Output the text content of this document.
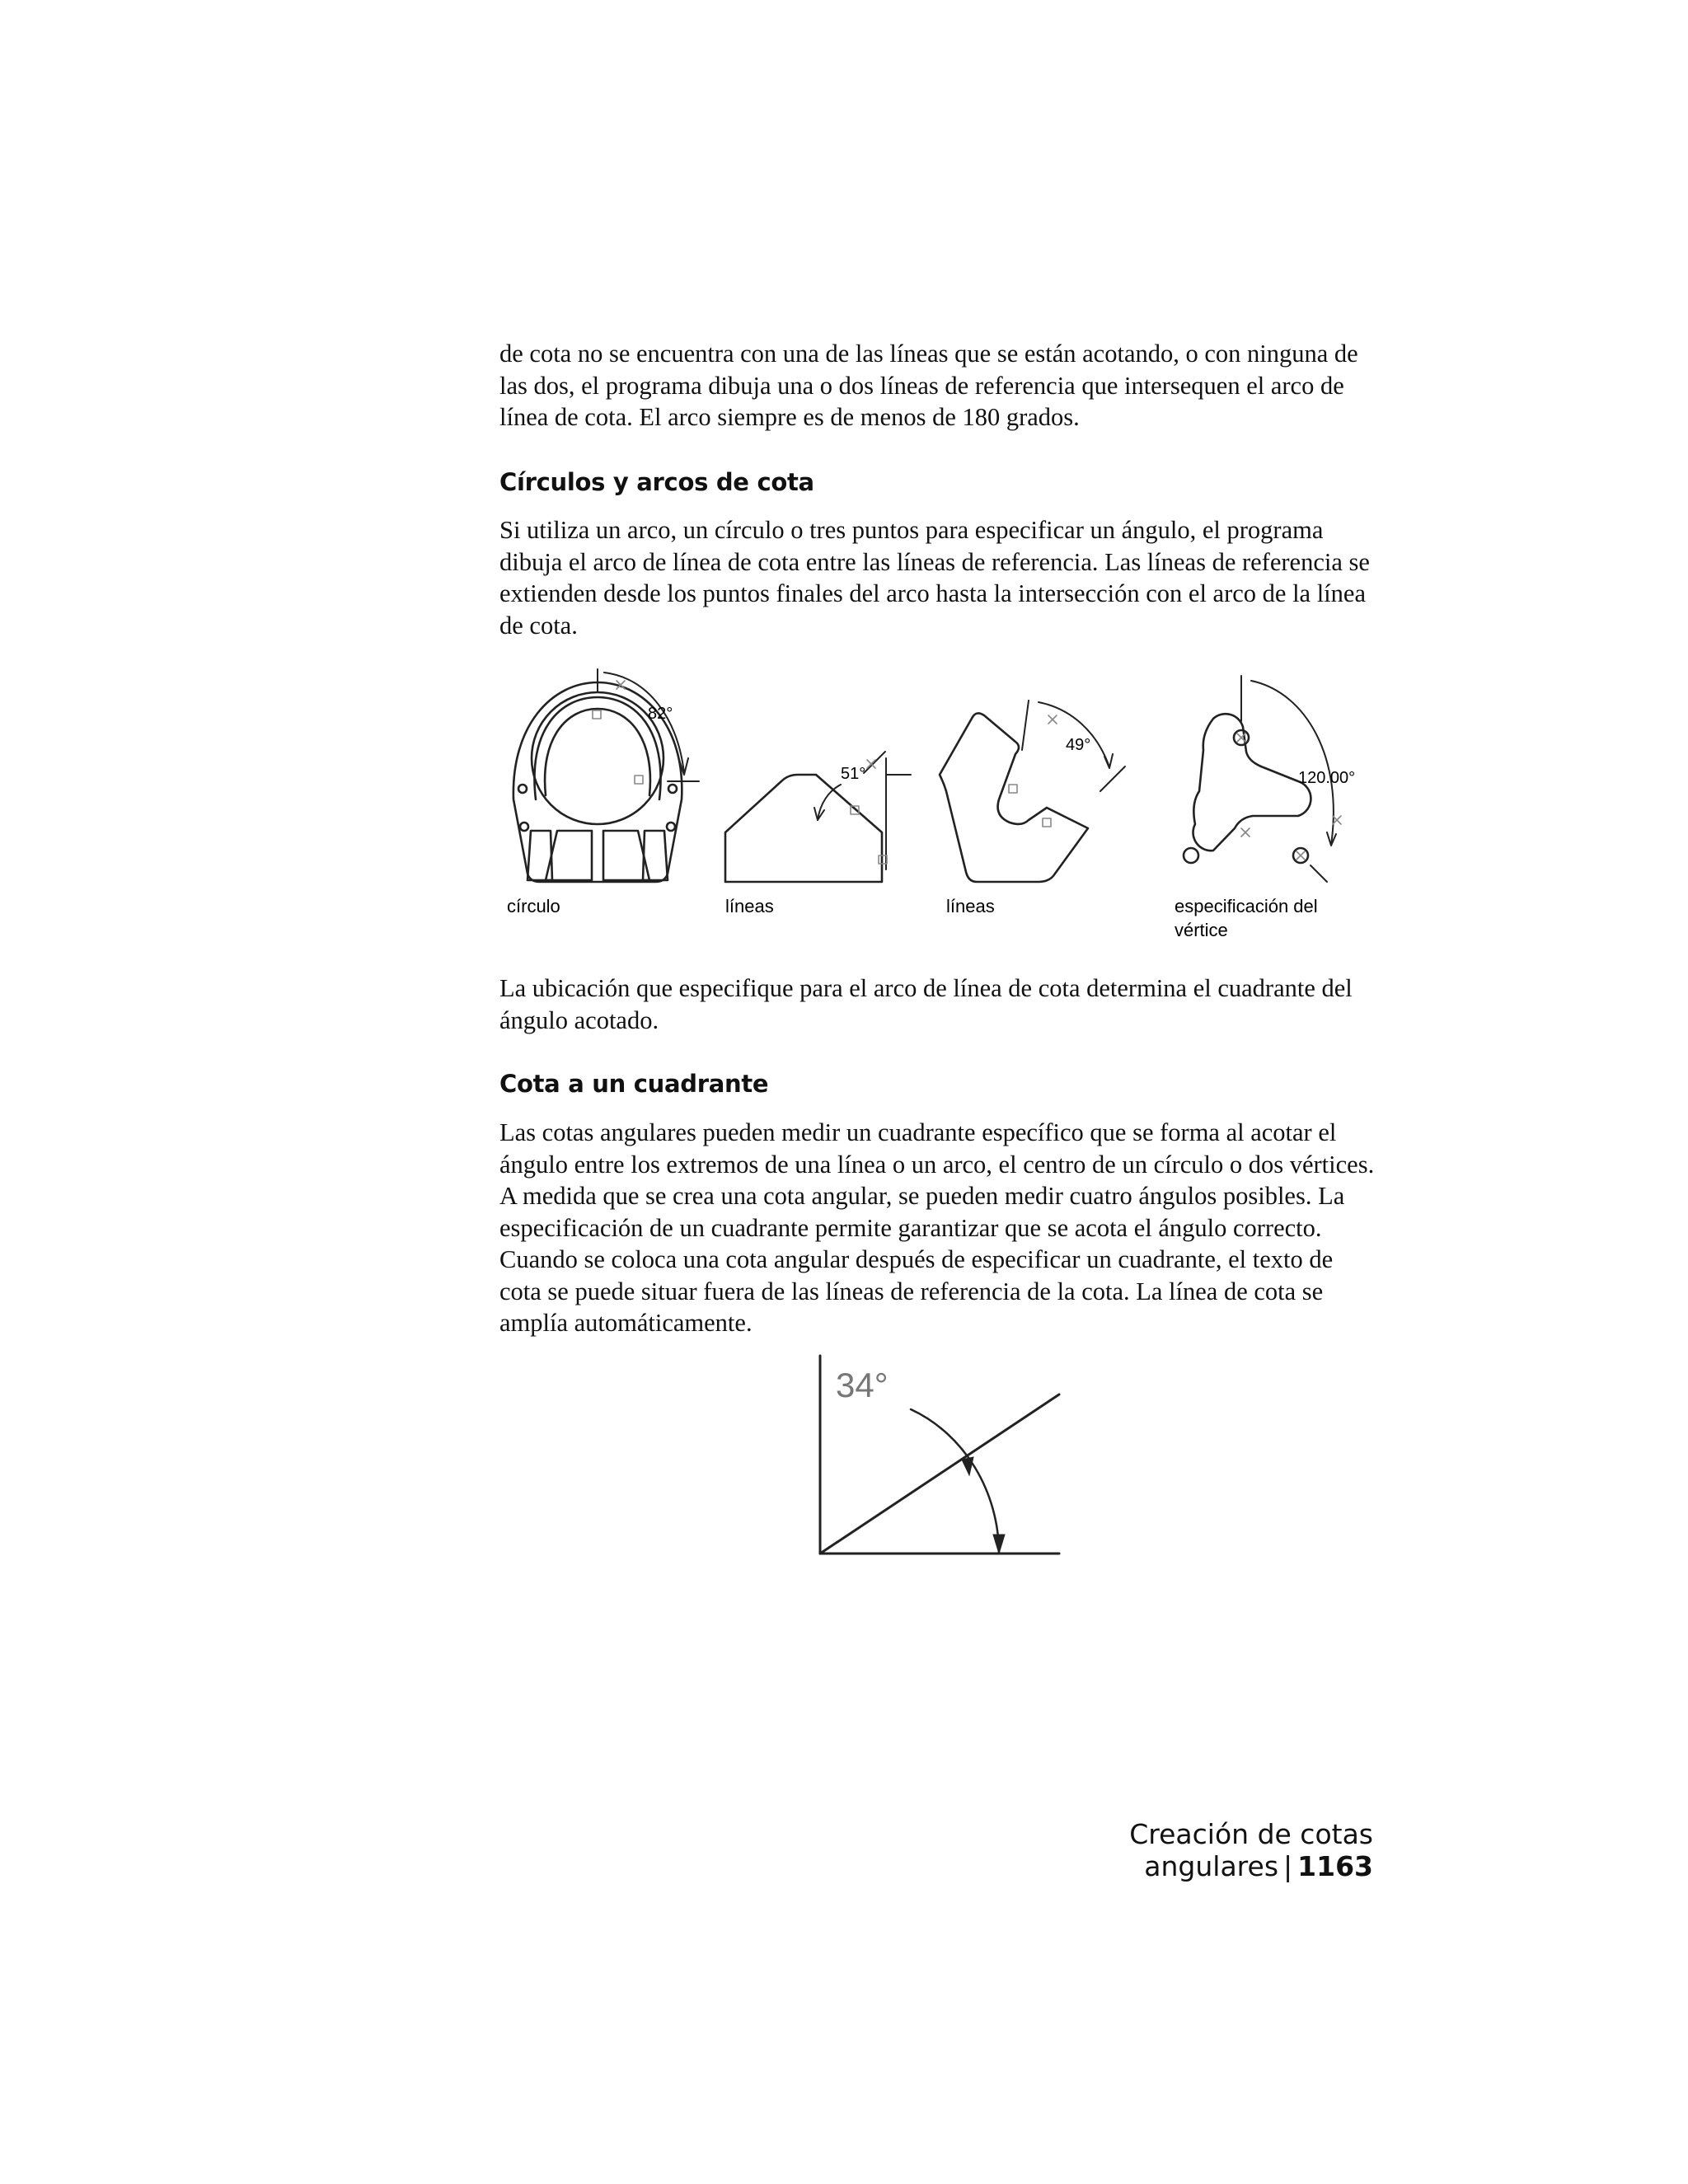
de cota no se encuentra con una de las líneas que se están acotando, o con ninguna de las dos, el programa dibuja una o dos líneas de referencia que intersequen el arco de línea de cota. El arco siempre es de menos de 180 grados.

Círculos y arcos de cota

Si utiliza un arco, un círculo o tres puntos para especificar un ángulo, el programa dibuja el arco de línea de cota entre las líneas de referencia. Las líneas de referencia se extienden desde los puntos finales del arco hasta la intersección con el arco de la línea de cota.

82°
51°
49°
120.00°
círculo	líneas	líneas	especificación del
vértice

La ubicación que especifique para el arco de línea de cota determina el cuadrante del ángulo acotado.

Cota a un cuadrante

Las cotas angulares pueden medir un cuadrante específico que se forma al acotar el ángulo entre los extremos de una línea o un arco, el centro de un círculo o dos vértices. A medida que se crea una cota angular, se pueden medir cuatro ángulos posibles. La especificación de un cuadrante permite garantizar que se acota el ángulo correcto. Cuando se coloca una cota angular después de especificar un cuadrante, el texto de cota se puede situar fuera de las líneas de referencia de la cota. La línea de cota se amplía automáticamente.

34°
Creación de cotas angulares | 1163
